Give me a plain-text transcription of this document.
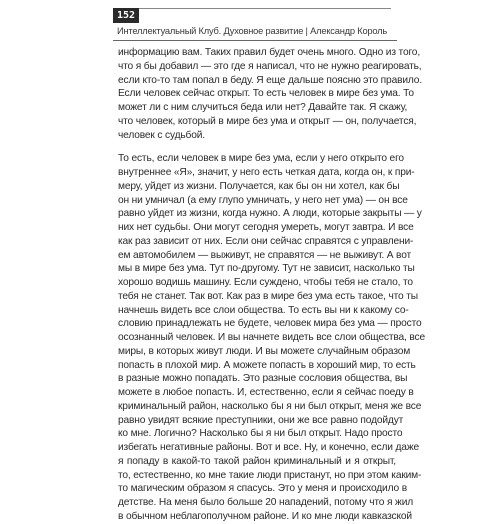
152
Интеллектуальный Клуб. Духовное развитие | Александр Король
информацию вам. Таких правил будет очень много. Одно из того,
что я бы добавил — это где я написал, что не нужно реагировать,
если кто-то там попал в беду. Я еще дальше поясню это правило.
Если человек сейчас открыт. То есть человек в мире без ума. То
может ли с ним случиться беда или нет? Давайте так. Я скажу,
что человек, который в мире без ума и открыт — он, получается,
человек с судьбой.
То есть, если человек в мире без ума, если у него открыто его
внутреннее «Я», значит, у него есть четкая дата, когда он, к при-
меру, уйдет из жизни. Получается, как бы он ни хотел, как бы
он ни умничал (а ему глупо умничать, у него нет ума) — он все
равно уйдет из жизни, когда нужно. А люди, которые закрыты — у
них нет судьбы. Они могут сегодня умереть, могут завтра. И все
как раз зависит от них. Если они сейчас справятся с управлени-
ем автомобилем — выживут, не справятся — не выживут. А вот
мы в мире без ума. Тут по-другому. Тут не зависит, насколько ты
хорошо водишь машину. Если суждено, чтобы тебя не стало, то
тебя не станет. Так вот. Как раз в мире без ума есть такое, что ты
начнешь видеть все слои общества. То есть вы ни к какому со-
словию принадлежать не будете, человек мира без ума — просто
осознанный человек. И вы начнете видеть все слои общества, все
миры, в которых живут люди. И вы можете случайным образом
попасть в плохой мир. А можете попасть в хороший мир, то есть
в разные можно попадать. Это разные сословия общества, вы
можете в любое попасть. И, естественно, если я сейчас поеду в
криминальный район, насколько бы я ни был открыт, меня же все
равно увидят всякие преступники, они же все равно подойдут
ко мне. Логично? Насколько бы я ни был открыт. Надо просто
избегать негативные районы. Вот и все. Ну, и конечно, если даже
я попаду в какой-то такой район криминальный и я открыт,
то, естественно, ко мне такие люди пристанут, но при этом каким-
то магическим образом я спасусь. Это у меня и происходило в
детстве. На меня было больше 20 нападений, потому что я жил
в обычном неблагополучном районе. И ко мне люди кавказской
